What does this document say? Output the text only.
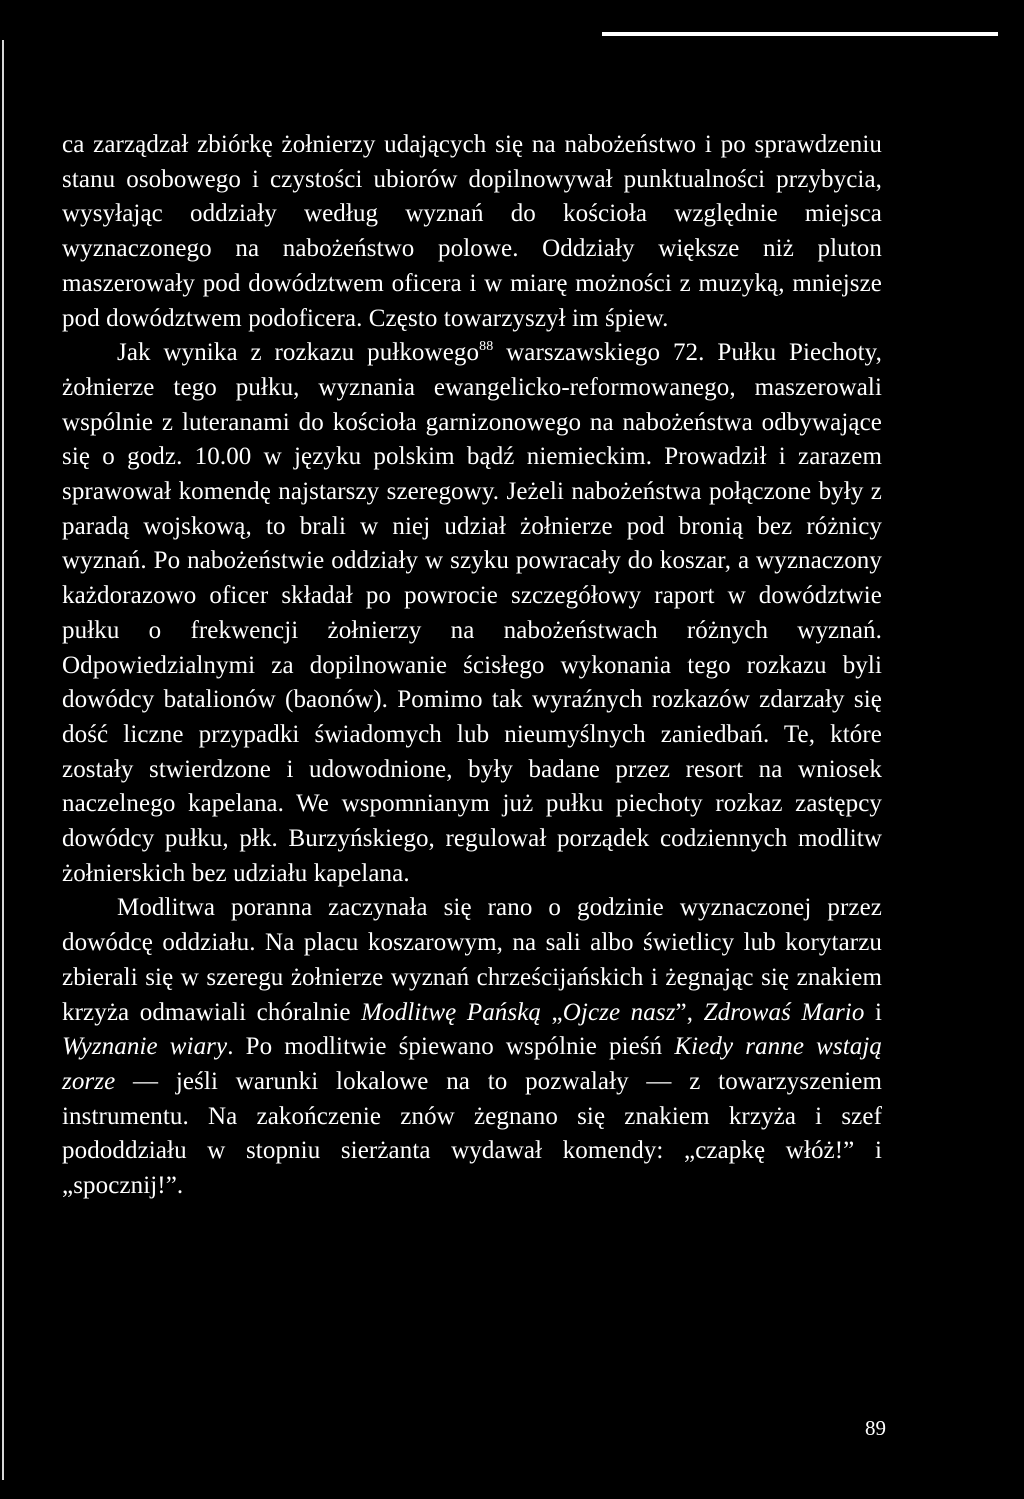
ca zarządzał zbiórkę żołnierzy udających się na nabożeństwo i po sprawdzeniu stanu osobowego i czystości ubiorów dopilnowywał punktualności przybycia, wysyłając oddziały według wyznań do kościoła względnie miejsca wyznaczonego na nabożeństwo polowe. Oddziały większe niż pluton maszerowały pod dowództwem oficera i w miarę możności z muzyką, mniejsze pod dowództwem podoficera. Często towarzyszył im śpiew.

Jak wynika z rozkazu pułkowego$^{88}$ warszawskiego 72. Pułku Piechoty, żołnierze tego pułku, wyznania ewangelicko-reformowanego, maszerowali wspólnie z luteranami do kościoła garnizonowego na nabożeństwa odbywające się o godz. 10.00 w języku polskim bądź niemieckim. Prowadził i zarazem sprawował komendę najstarszy szeregowy. Jeżeli nabożeństwa połączone były z paradą wojskową, to brali w niej udział żołnierze pod bronią bez różnicy wyznań. Po nabożeństwie oddziały w szyku powracały do koszar, a wyznaczony każdorazowo oficer składał po powrocie szczegółowy raport w dowództwie pułku o frekwencji żołnierzy na nabożeństwach różnych wyznań. Odpowiedzialnymi za dopilnowanie ścisłego wykonania tego rozkazu byli dowódcy batalionów (baonów). Pomimo tak wyraźnych rozkazów zdarzały się dość liczne przypadki świadomych lub nieumyślnych zaniedbań. Te, które zostały stwierdzone i udowodnione, były badane przez resort na wniosek naczelnego kapelana. We wspomnianym już pułku piechoty rozkaz zastępcy dowódcy pułku, płk. Burzyńskiego, regulował porządek codziennych modlitw żołnierskich bez udziału kapelana.

Modlitwa poranna zaczynała się rano o godzinie wyznaczonej przez dowódcę oddziału. Na placu koszarowym, na sali albo świetlicy lub korytarzu zbierali się w szeregu żołnierze wyznań chrześcijańskich i żegnając się znakiem krzyża odmawiali chóralnie Modlitwę Pańską „Ojcze nasz”, Zdrowaś Mario i Wyznanie wiary. Po modlitwie śpiewano wspólnie pieśń Kiedy ranne wstają zorze — jeśli warunki lokalowe na to pozwalały — z towarzyszeniem instrumentu. Na zakończenie znów żegnano się znakiem krzyża i szef pododdziału w stopniu sierżanta wydawał komendy: „czapkę włóż!” i „spocznij!”.

89
